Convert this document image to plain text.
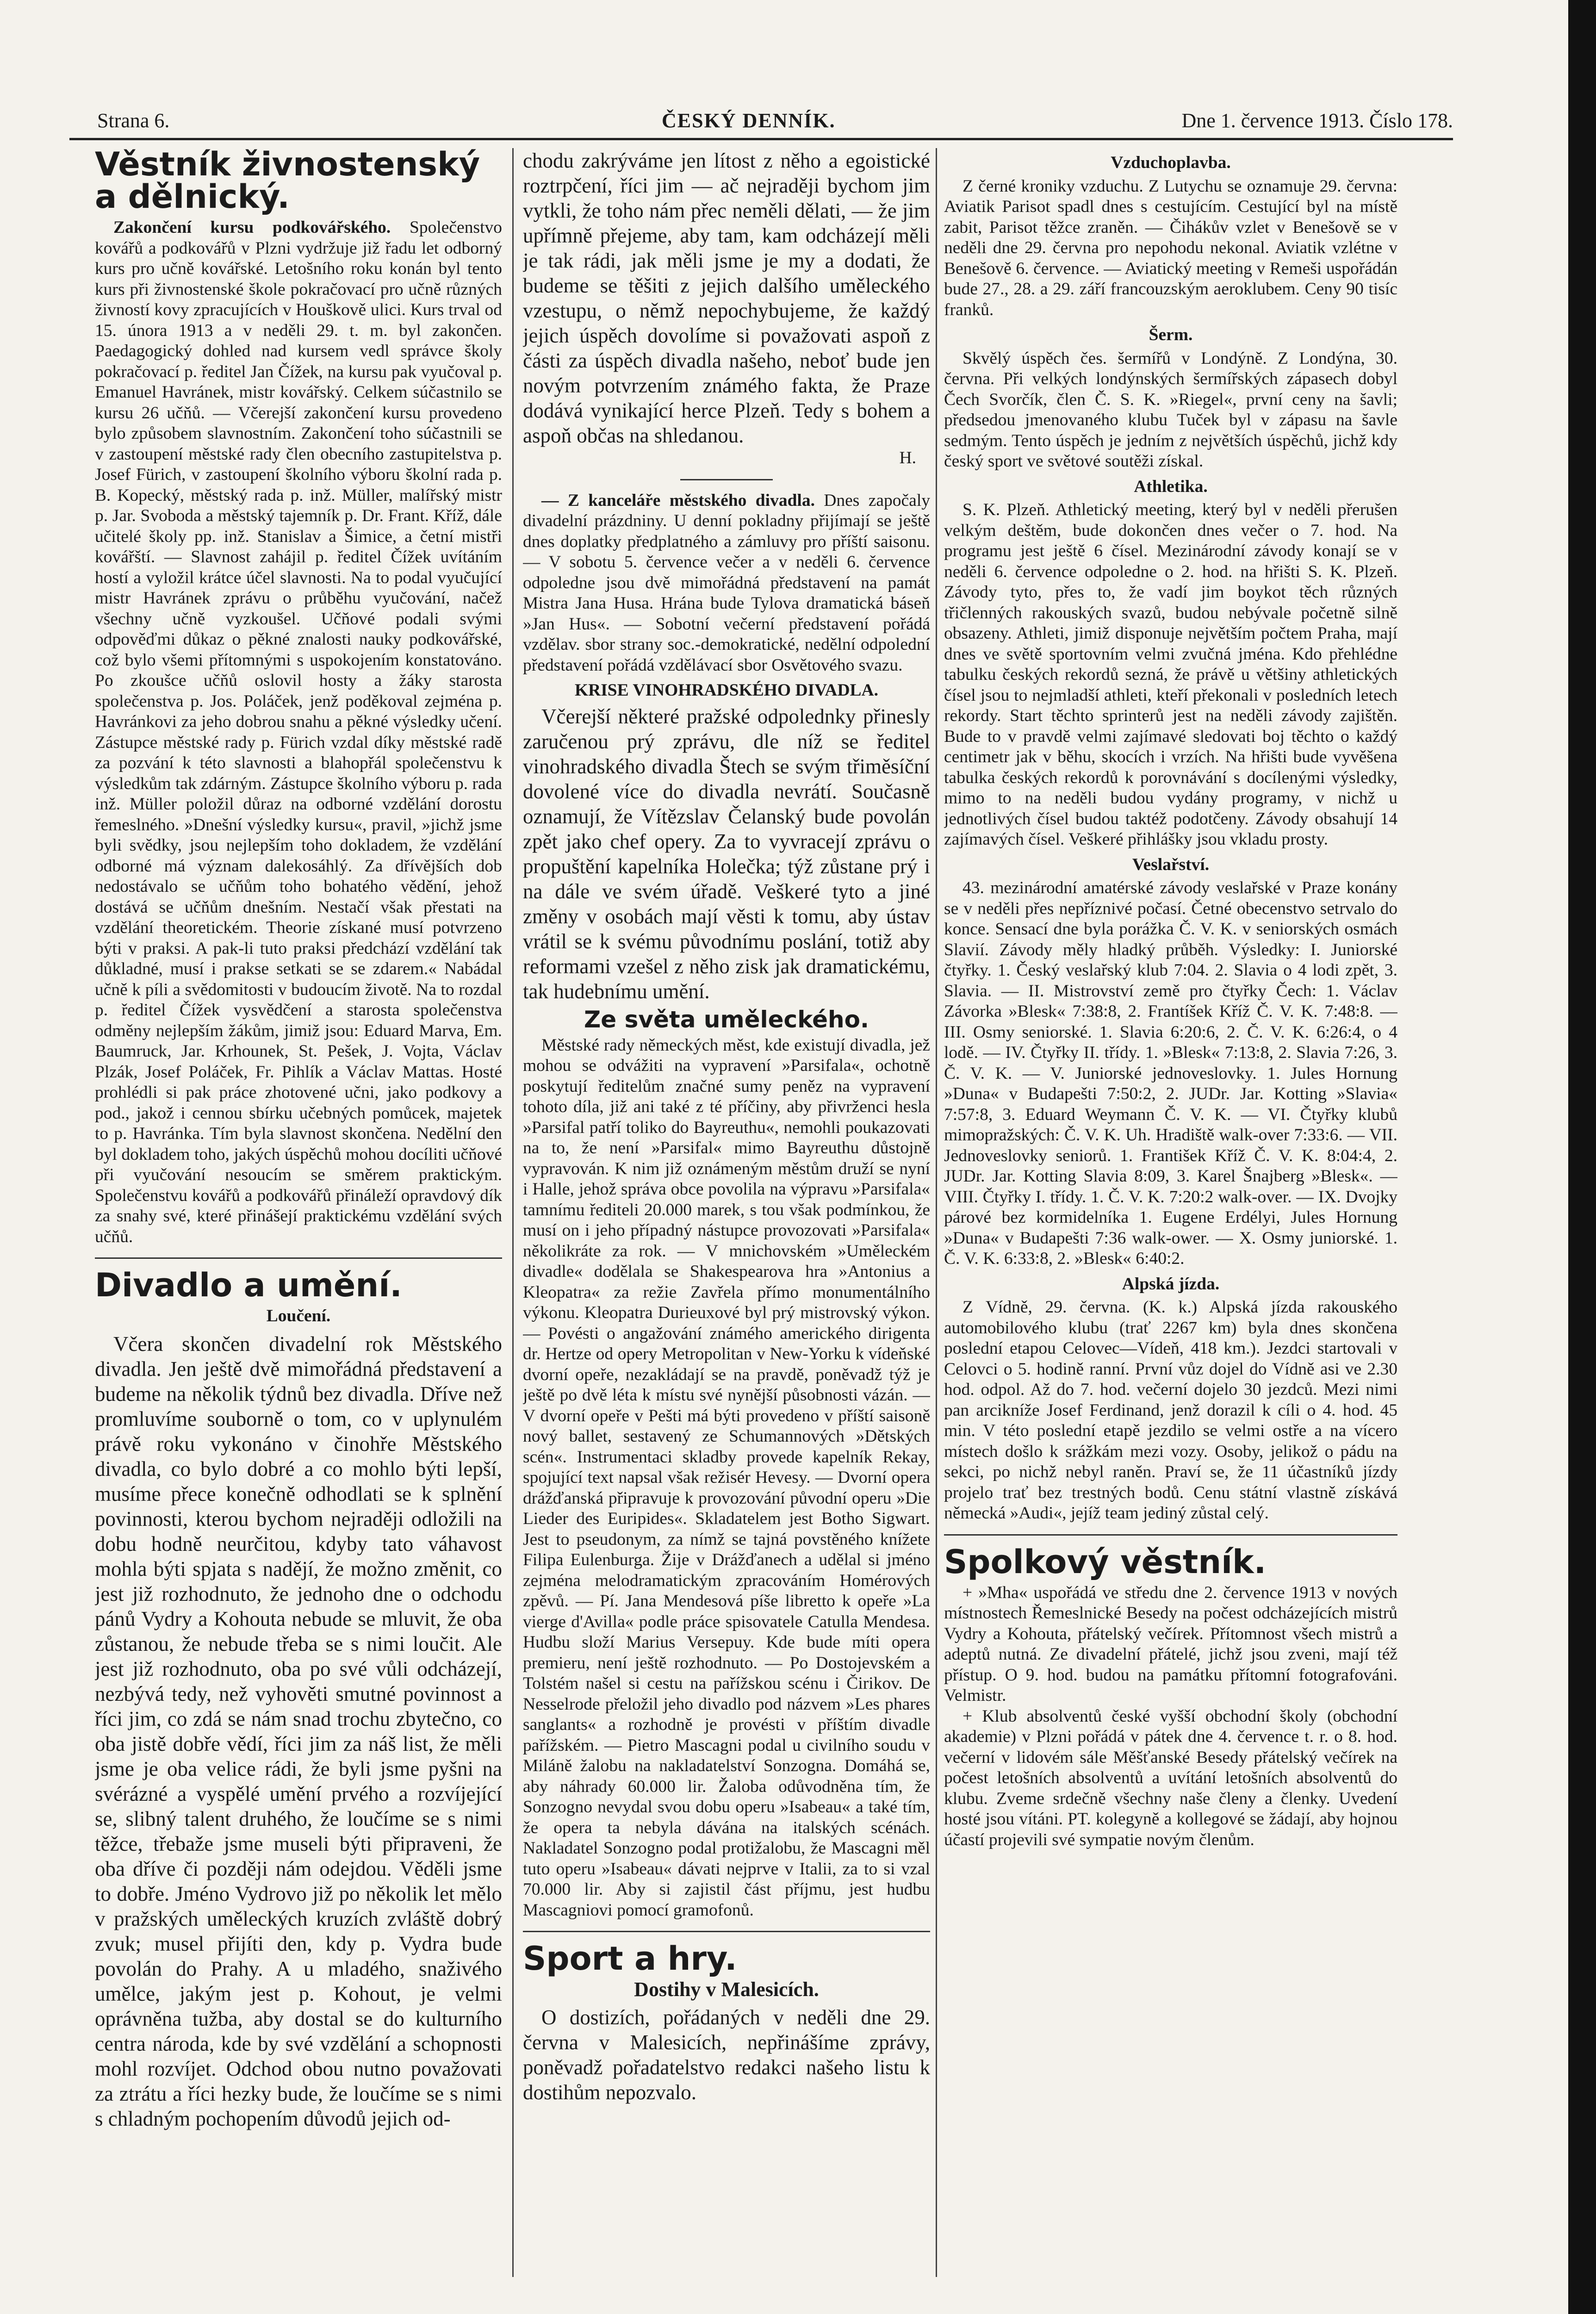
Strana 6.	ČESKÝ DENNÍK.	Dne 1. července 1913. Číslo 178.
Věstník živnostenský a dělnický.

Zakončení kursu podkovářského. Společenstvo kovářů a podkovářů v Plzni vydržuje již řadu let odborný kurs pro učně kovářské. Letošního roku konán byl tento kurs při živnostenské škole pokračovací pro učně různých živností kovy zpracujících v Houškově ulici. Kurs trval od 15. února 1913 a v neděli 29. t. m. byl zakončen. Paedagogický dohled nad kursem vedl správce školy pokračovací p. ředitel Jan Čížek, na kursu pak vyučoval p. Emanuel Havránek, mistr kovářský. Celkem súčastnilo se kursu 26 učňů. — Včerejší zakončení kursu provedeno bylo způsobem slavnostním. Zakončení toho súčastnili se v zastoupení městské rady člen obecního zastupitelstva p. Josef Fürich, v zastoupení školního výboru školní rada p. B. Kopecký, městský rada p. inž. Müller, malířský mistr p. Jar. Svoboda a městský tajemník p. Dr. Frant. Kříž, dále učitelé školy pp. inž. Stanislav a Šimice, a četní mistři kovářští. — Slavnost zahájil p. ředitel Čížek uvítáním hostí a vyložil krátce účel slavnosti. Na to podal vyučující mistr Havránek zprávu o průběhu vyučování, načež všechny učně vyzkoušel. Učňové podali svými odpověďmi důkaz o pěkné znalosti nauky podkovářské, což bylo všemi přítomnými s uspokojením konstatováno. Po zkoušce učňů oslovil hosty a žáky starosta společenstva p. Jos. Poláček, jenž poděkoval zejména p. Havránkovi za jeho dobrou snahu a pěkné výsledky učení. Zástupce městské rady p. Fürich vzdal díky městské radě za pozvání k této slavnosti a blahopřál společenstvu k výsledkům tak zdárným. Zástupce školního výboru p. rada inž. Müller položil důraz na odborné vzdělání dorostu řemeslného. »Dnešní výsledky kursu«, pravil, »jichž jsme byli svědky, jsou nejlepším toho dokladem, že vzdělání odborné má význam dalekosáhlý. Za dřívějších dob nedostávalo se učňům toho bohatého vědění, jehož dostává se učňům dnešním. Nestačí však přestati na vzdělání theoretickém. Theorie získané musí potvrzeno býti v praksi. A pak-li tuto praksi předchází vzdělání tak důkladné, musí i prakse setkati se se zdarem.« Nabádal učně k píli a svědomitosti v budoucím životě. Na to rozdal p. ředitel Čížek vysvědčení a starosta společenstva odměny nejlepším žákům, jimiž jsou: Eduard Marva, Em. Baumruck, Jar. Krhounek, St. Pešek, J. Vojta, Václav Plzák, Josef Poláček, Fr. Pihlík a Václav Mattas. Hosté prohlédli si pak práce zhotovené učni, jako podkovy a pod., jakož i cennou sbírku učebných pomůcek, majetek to p. Havránka. Tím byla slavnost skončena. Nedělní den byl dokladem toho, jakých úspěchů mohou docíliti učňové při vyučování nesoucím se směrem praktickým. Společenstvu kovářů a podkovářů přináleží opravdový dík za snahy své, které přinášejí praktickému vzdělání svých učňů.

Divadlo a umění.
Loučení.

Včera skončen divadelní rok Městského divadla. Jen ještě dvě mimořádná představení a budeme na několik týdnů bez divadla. Dříve než promluvíme souborně o tom, co v uplynulém právě roku vykonáno v činohře Městského divadla, co bylo dobré a co mohlo býti lepší, musíme přece konečně odhodlati se k splnění povinnosti, kterou bychom nejraději odložili na dobu hodně neurčitou, kdyby tato váhavost mohla býti spjata s nadějí, že možno změnit, co jest již rozhodnuto, že jednoho dne o odchodu pánů Vydry a Kohouta nebude se mluvit, že oba zůstanou, že nebude třeba se s nimi loučit. Ale jest již rozhodnuto, oba po své vůli odcházejí, nezbývá tedy, než vyhověti smutné povinnost a říci jim, co zdá se nám snad trochu zbytečno, co oba jistě dobře vědí, říci jim za náš list, že měli jsme je oba velice rádi, že byli jsme pyšni na svérázné a vyspělé umění prvého a rozvíjející se, slibný talent druhého, že loučíme se s nimi těžce, třebaže jsme museli býti připraveni, že oba dříve či později nám odejdou. Věděli jsme to dobře. Jméno Vydrovo již po několik let mělo v pražských uměleckých kruzích zvláště dobrý zvuk; musel přijíti den, kdy p. Vydra bude povolán do Prahy. A u mladého, snaživého umělce, jakým jest p. Kohout, je velmi oprávněna tužba, aby dostal se do kulturního centra národa, kde by své vzdělání a schopnosti mohl rozvíjet. Odchod obou nutno považovati za ztrátu a říci hezky bude, že loučíme se s nimi s chladným pochopením důvodů jejich od-

chodu zakrýváme jen lítost z něho a egoistické roztrpčení, říci jim — ač nejraději bychom jim vytkli, že toho nám přec neměli dělati, — že jim upřímně přejeme, aby tam, kam odcházejí měli je tak rádi, jak měli jsme je my a dodati, že budeme se těšiti z jejich dalšího uměleckého vzestupu, o němž nepochybujeme, že každý jejich úspěch dovolíme si považovati aspoň z části za úspěch divadla našeho, neboť bude jen novým potvrzením známého fakta, že Praze dodává vynikající herce Plzeň. Tedy s bohem a aspoň občas na shledanou.

H.

— Z kanceláře městského divadla. Dnes započaly divadelní prázdniny. U denní pokladny přijímají se ještě dnes doplatky předplatného a zámluvy pro příští saisonu. — V sobotu 5. července večer a v neděli 6. července odpoledne jsou dvě mimořádná představení na památ Mistra Jana Husa. Hrána bude Tylova dramatická báseň »Jan Hus«. — Sobotní večerní představení pořádá vzdělav. sbor strany soc.-demokratické, nedělní odpolední představení pořádá vzdělávací sbor Osvětového svazu.

KRISE VINOHRADSKÉHO DIVADLA.

Včerejší některé pražské odpolednky přinesly zaručenou prý zprávu, dle níž se ředitel vinohradského divadla Štech se svým třiměsíční dovolené více do divadla nevrátí. Současně oznamují, že Vítězslav Čelanský bude povolán zpět jako chef opery. Za to vyvracejí zprávu o propuštění kapelníka Holečka; týž zůstane prý i na dále ve svém úřadě. Veškeré tyto a jiné změny v osobách mají věsti k tomu, aby ústav vrátil se k svému původnímu poslání, totiž aby reformami vzešel z něho zisk jak dramatickému, tak hudebnímu umění.

Ze světa uměleckého.

Městské rady německých měst, kde existují divadla, jež mohou se odvážiti na vypravení »Parsifala«, ochotně poskytují ředitelům značné sumy peněz na vypravení tohoto díla, již ani také z té příčiny, aby přivrženci hesla »Parsifal patří toliko do Bayreuthu«, nemohli poukazovati na to, že není »Parsifal« mimo Bayreuthu důstojně vypravován. K nim již oznámeným městům druží se nyní i Halle, jehož správa obce povolila na výpravu »Parsifala« tamnímu řediteli 20.000 marek, s tou však podmínkou, že musí on i jeho případný nástupce provozovati »Parsifala« několikráte za rok. — V mnichovském »Uměleckém divadle« dodělala se Shakespearova hra »Antonius a Kleopatra« za režie Zavřela přímo monumentálního výkonu. Kleopatra Durieuxové byl prý mistrovský výkon. — Povésti o angažování známého amerického dirigenta dr. Hertze od opery Metropolitan v New-Yorku k vídeňské dvorní opeře, nezakládají se na pravdě, poněvadž týž je ještě po dvě léta k místu své nynější působnosti vázán. — V dvorní opeře v Pešti má býti provedeno v příští saisoně nový ballet, sestavený ze Schumannových »Dětských scén«. Instrumentaci skladby provede kapelník Rekay, spojující text napsal však režisér Hevesy. — Dvorní opera drážďanská připravuje k provozování původní operu »Die Lieder des Euripides«. Skladatelem jest Botho Sigwart. Jest to pseudonym, za nímž se tajná povstěného knížete Filipa Eulenburga. Žije v Drážďanech a udělal si jméno zejména melodramatickým zpracováním Homérových zpěvů. — Pí. Jana Mendesová píše libretto k opeře »La vierge d'Avilla« podle práce spisovatele Catulla Mendesa. Hudbu složí Marius Versepuy. Kde bude míti opera premieru, není ještě rozhodnuto. — Po Dostojevském a Tolstém našel si cestu na pařížskou scénu i Čirikov. De Nesselrode přeložil jeho divadlo pod názvem »Les phares sanglants« a rozhodně je provésti v příštím divadle pařížském. — Pietro Mascagni podal u civilního soudu v Miláně žalobu na nakladatelství Sonzogna. Domáhá se, aby náhrady 60.000 lir. Žaloba odůvodněna tím, že Sonzogno nevydal svou dobu operu »Isabeau« a také tím, že opera ta nebyla dávána na italských scénách. Nakladatel Sonzogno podal protižalobu, že Mascagni měl tuto operu »Isabeau« dávati nejprve v Italii, za to si vzal 70.000 lir. Aby si zajistil část příjmu, jest hudbu Mascagniovi pomocí gramofonů.

Sport a hry.
Dostihy v Malesicích.

O dostizích, pořádaných v neděli dne 29. června v Malesicích, nepřinášíme zprávy, poněvadž pořadatelstvo redakci našeho listu k dostihům nepozvalo.

Vzduchoplavba.

Z černé kroniky vzduchu. Z Lutychu se oznamuje 29. června: Aviatik Parisot spadl dnes s cestujícím. Cestující byl na místě zabit, Parisot těžce zraněn. — Čihákův vzlet v Benešově se v neděli dne 29. června pro nepohodu nekonal. Aviatik vzlétne v Benešově 6. července. — Aviatický meeting v Remeši uspořádán bude 27., 28. a 29. září francouzským aeroklubem. Ceny 90 tisíc franků.

Šerm.

Skvělý úspěch čes. šermířů v Londýně. Z Londýna, 30. června. Při velkých londýnských šermířských zápasech dobyl Čech Svorčík, člen Č. S. K. »Riegel«, první ceny na šavli; předsedou jmenovaného klubu Tuček byl v zápasu na šavle sedmým. Tento úspěch je jedním z největších úspěchů, jichž kdy český sport ve světové soutěži získal.

Athletika.

S. K. Plzeň. Athletický meeting, který byl v neděli přerušen velkým deštěm, bude dokončen dnes večer o 7. hod. Na programu jest ještě 6 čísel. Mezinárodní závody konají se v neděli 6. července odpoledne o 2. hod. na hřišti S. K. Plzeň. Závody tyto, přes to, že vadí jim boykot těch různých třičlenných rakouských svazů, budou nebývale početně silně obsazeny. Athleti, jimiž disponuje největším počtem Praha, mají dnes ve světě sportovním velmi zvučná jména. Kdo přehlédne tabulku českých rekordů sezná, že právě u většiny athletických čísel jsou to nejmladší athleti, kteří překonali v posledních letech rekordy. Start těchto sprinterů jest na neděli závody zajištěn. Bude to v pravdě velmi zajímavé sledovati boj těchto o každý centimetr jak v běhu, skocích i vrzích. Na hřišti bude vyvěšena tabulka českých rekordů k porovnávání s docílenými výsledky, mimo to na neděli budou vydány programy, v nichž u jednotlivých čísel budou taktéž podotčeny. Závody obsahují 14 zajímavých čísel. Veškeré přihlášky jsou vkladu prosty.

Veslařství.

43. mezinárodní amatérské závody veslařské v Praze konány se v neděli přes nepříznivé počasí. Četné obecenstvo setrvalo do konce. Sensací dne byla porážka Č. V. K. v seniorských osmách Slavií. Závody měly hladký průběh. Výsledky: I. Juniorské čtyřky. 1. Český veslařský klub 7:04. 2. Slavia o 4 lodi zpět, 3. Slavia. — II. Mistrovství země pro čtyřky Čech: 1. Václav Závorka »Blesk« 7:38:8, 2. Frantíšek Kříž Č. V. K. 7:48:8. — III. Osmy seniorské. 1. Slavia 6:20:6, 2. Č. V. K. 6:26:4, o 4 lodě. — IV. Čtyřky II. třídy. 1. »Blesk« 7:13:8, 2. Slavia 7:26, 3. Č. V. K. — V. Juniorské jednoveslovky. 1. Jules Hornung »Duna« v Budapešti 7:50:2, 2. JUDr. Jar. Kotting »Slavia« 7:57:8, 3. Eduard Weymann Č. V. K. — VI. Čtyřky klubů mimopražských: Č. V. K. Uh. Hradiště walk-over 7:33:6. — VII. Jednoveslovky seniorů. 1. František Kříž Č. V. K. 8:04:4, 2. JUDr. Jar. Kotting Slavia 8:09, 3. Karel Šnajberg »Blesk«. — VIII. Čtyřky I. třídy. 1. Č. V. K. 7:20:2 walk-over. — IX. Dvojky párové bez kormidelníka 1. Eugene Erdélyi, Jules Hornung »Duna« v Budapešti 7:36 walk-ower. — X. Osmy juniorské. 1. Č. V. K. 6:33:8, 2. »Blesk« 6:40:2.

Alpská jízda.

Z Vídně, 29. června. (K. k.) Alpská jízda rakouského automobilového klubu (trať 2267 km) byla dnes skončena poslední etapou Celovec—Vídeň, 418 km.). Jezdci startovali v Celovci o 5. hodině ranní. První vůz dojel do Vídně asi ve 2.30 hod. odpol. Až do 7. hod. večerní dojelo 30 jezdců. Mezi nimi pan arcikníže Josef Ferdinand, jenž dorazil k cíli o 4. hod. 45 min. V této poslední etapě jezdilo se velmi ostře a na vícero místech došlo k srážkám mezi vozy. Osoby, jelikož o pádu na sekci, po nichž nebyl raněn. Praví se, že 11 účastníků jízdy projelo trať bez trestných bodů. Cenu státní vlastně získává německá »Audi«, jejíž team jediný zůstal celý.

Spolkový věstník.

+ »Mha« uspořádá ve středu dne 2. července 1913 v nových místnostech Řemeslnické Besedy na počest odcházejících mistrů Vydry a Kohouta, přátelský večírek. Přítomnost všech mistrů a adeptů nutná. Ze divadelní přátelé, jichž jsou zveni, mají též přístup. O 9. hod. budou na památku přítomní fotografováni. Velmistr.

+ Klub absolventů české vyšší obchodní školy (obchodní akademie) v Plzni pořádá v pátek dne 4. července t. r. o 8. hod. večerní v lidovém sále Měšťanské Besedy přátelský večírek na počest letošních absolventů a uvítání letošních absolventů do klubu. Zveme srdečně všechny naše členy a členky. Uvedení hosté jsou vítáni. PT. kolegyně a kollegové se žádají, aby hojnou účastí projevili své sympatie novým členům.
